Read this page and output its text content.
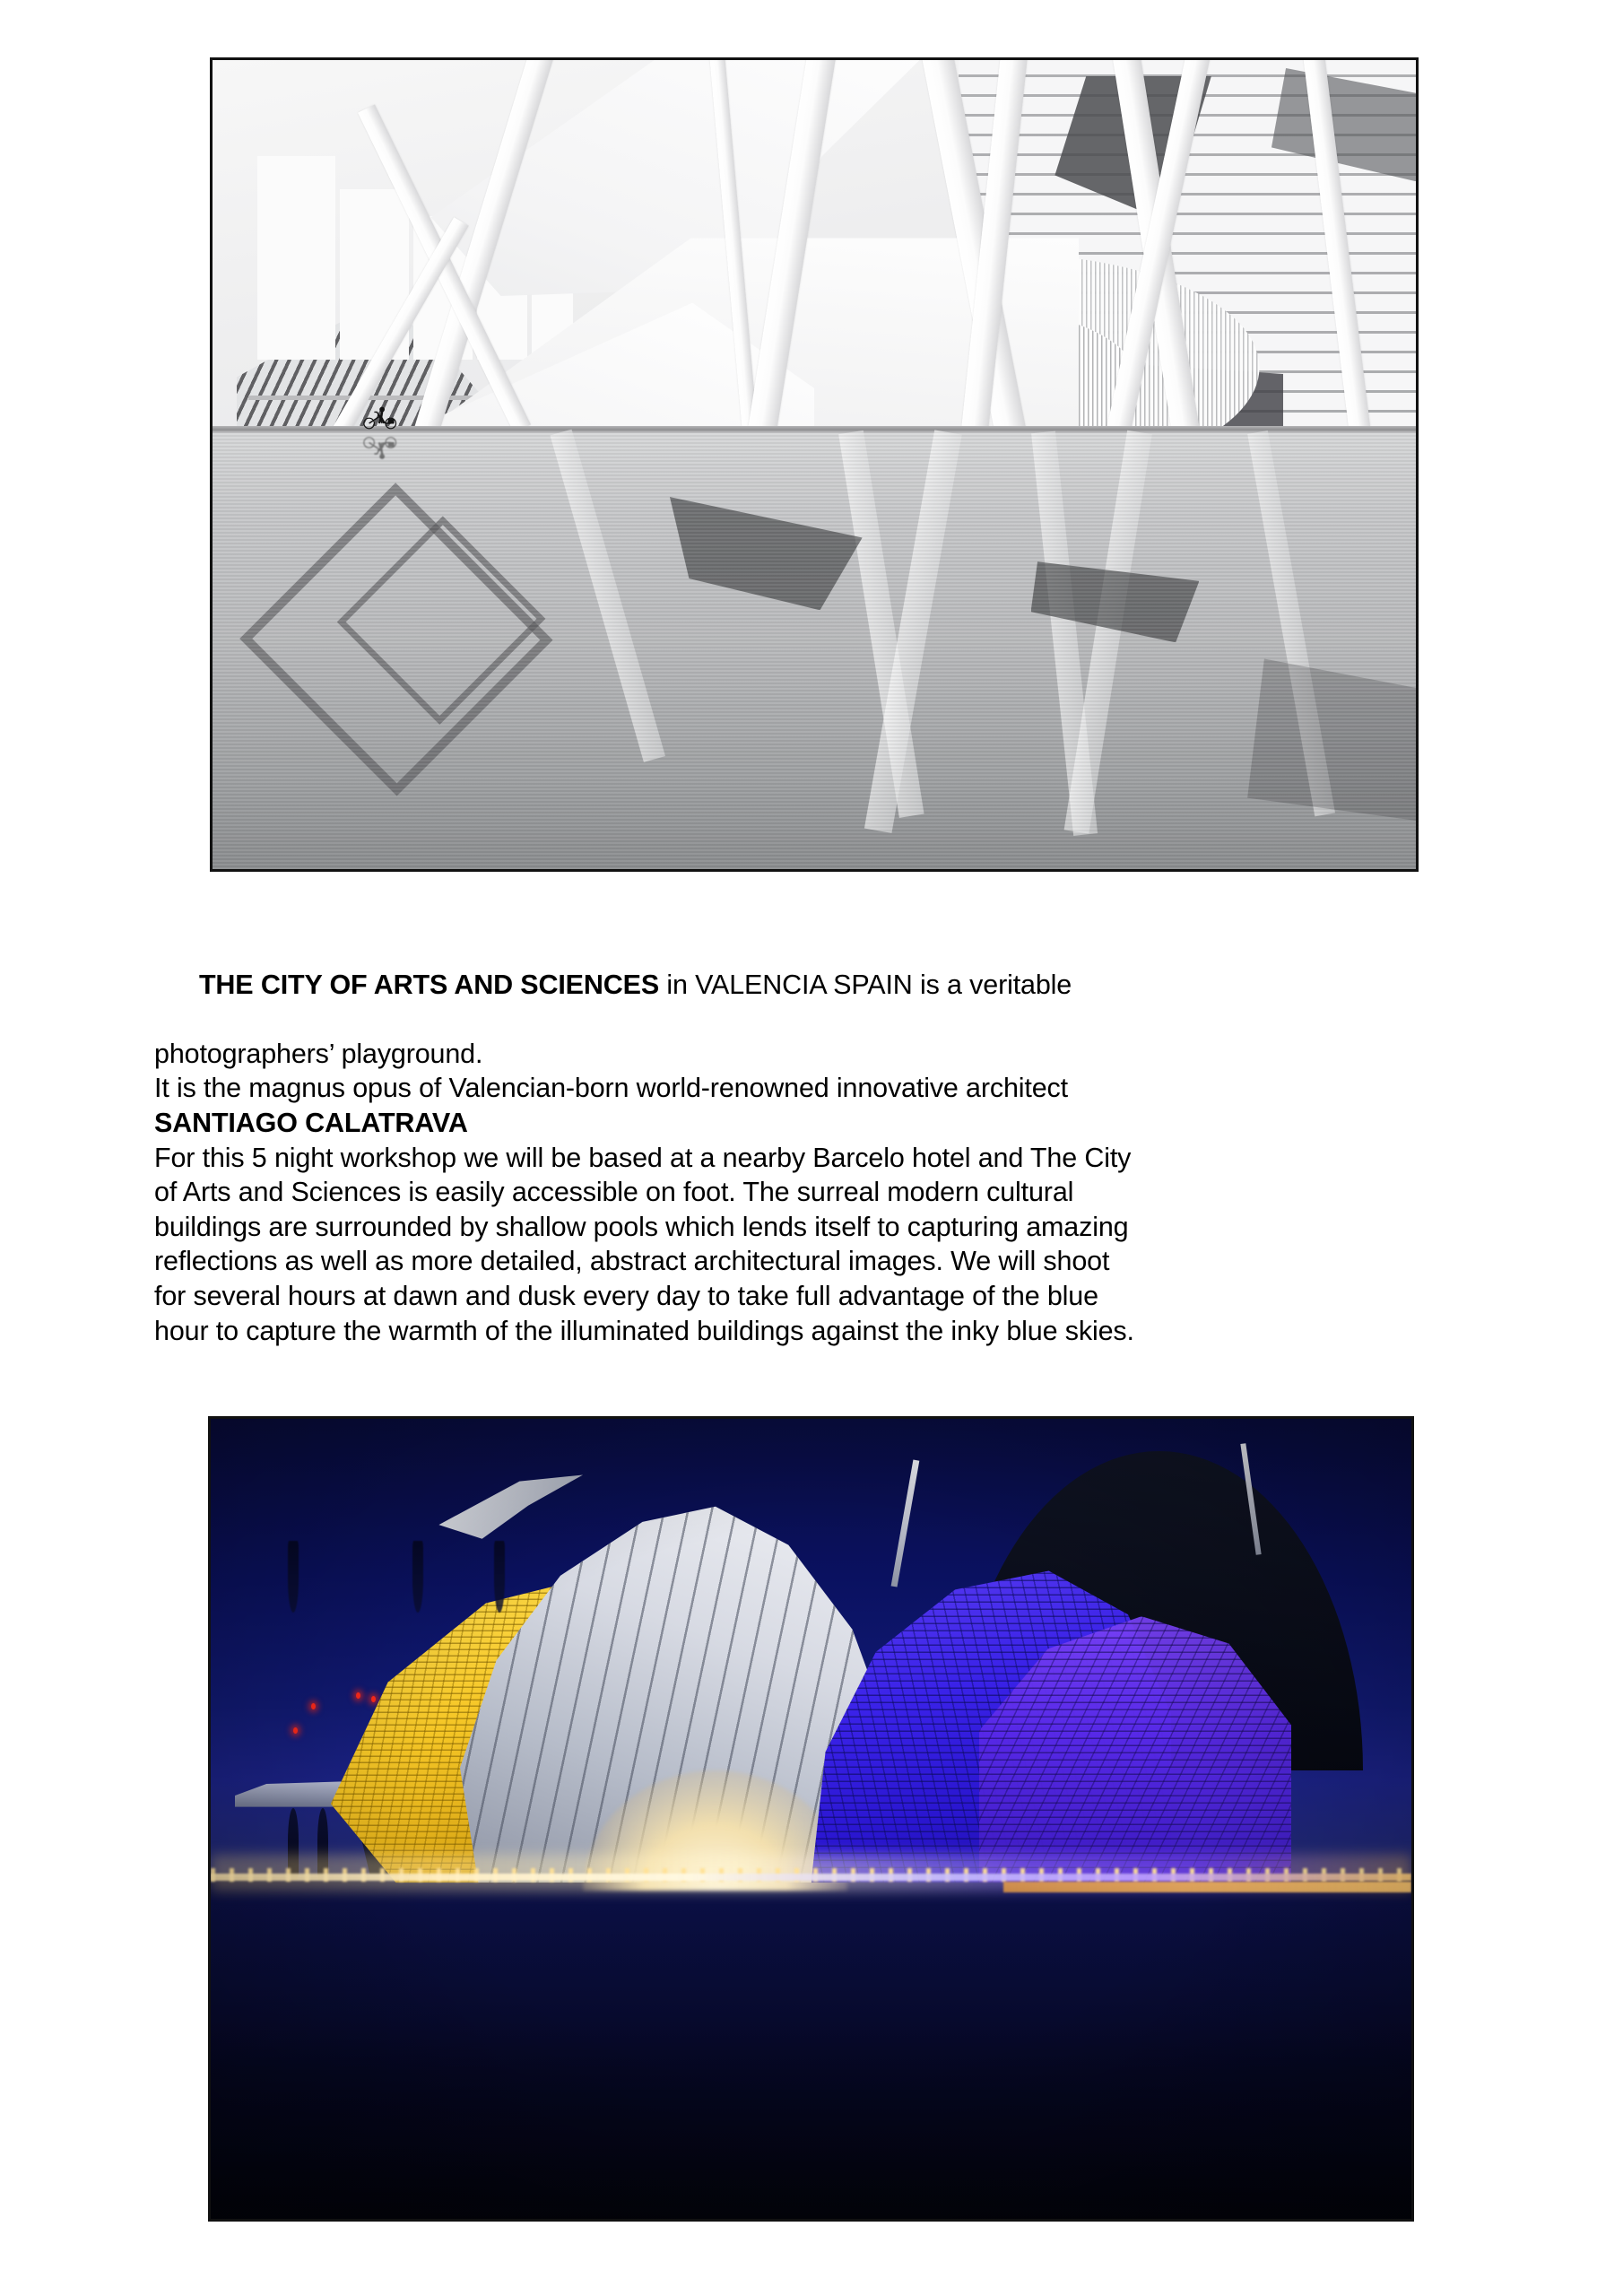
THE CITY OF ARTS AND SCIENCES in VALENCIA SPAIN is a veritable

photographers’ playground.
It is the magnus opus of Valencian-born world-renowned innovative architect
SANTIAGO CALATRAVA
For this 5 night workshop we will be based at a nearby Barcelo hotel and The City
of Arts and Sciences is easily accessible on foot. The surreal modern cultural
buildings are surrounded by shallow pools which lends itself to capturing amazing
reflections as well as more detailed, abstract architectural images. We will shoot
for several hours at dawn and dusk every day to take full advantage of the blue
hour to capture the warmth of the illuminated buildings against the inky blue skies.
